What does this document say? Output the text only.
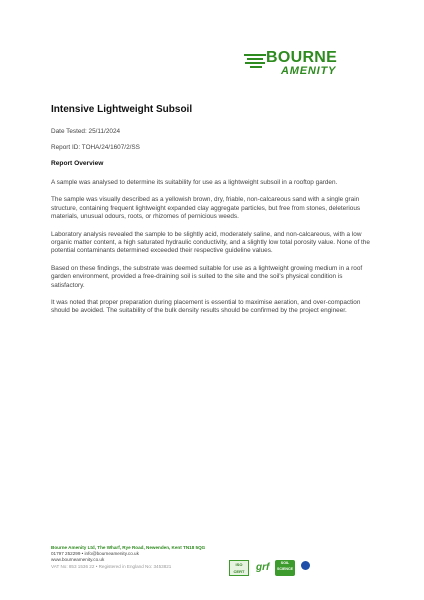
BOURNE
AMENITY
Intensive Lightweight Subsoil
Date Tested: 25/11/2024
Report ID: TOHA/24/1607/2/SS
Report Overview

A sample was analysed to determine its suitability for use as a lightweight subsoil in a rooftop garden.

The sample was visually described as a yellowish brown, dry, friable, non-calcareous sand with a single grain structure, containing frequent lightweight expanded clay aggregate particles, but free from stones, deleterious materials, unusual odours, roots, or rhizomes of pernicious weeds.

Laboratory analysis revealed the sample to be slightly acid, moderately saline, and non-calcareous, with a low organic matter content, a high saturated hydraulic conductivity, and a slightly low total porosity value. None of the potential contaminants determined exceeded their respective guideline values.

Based on these findings, the substrate was deemed suitable for use as a lightweight growing medium in a roof garden environment, provided a free-draining soil is suited to the site and the soil's physical condition is satisfactory.

It was noted that proper preparation during placement is essential to maximise aeration, and over-compaction should be avoided. The suitability of the bulk density results should be confirmed by the project engineer.

Bourne Amenity Ltd, The Wharf, Rye Road, Newenden, Kent TN18 5QG
01797 252299 • info@bourneamenity.co.uk
www.bourneamenity.co.uk
VAT No: 853 1536 22 • Registered in England No: 3453821	ISO
CERT	grf	SOIL
SCIENCE
